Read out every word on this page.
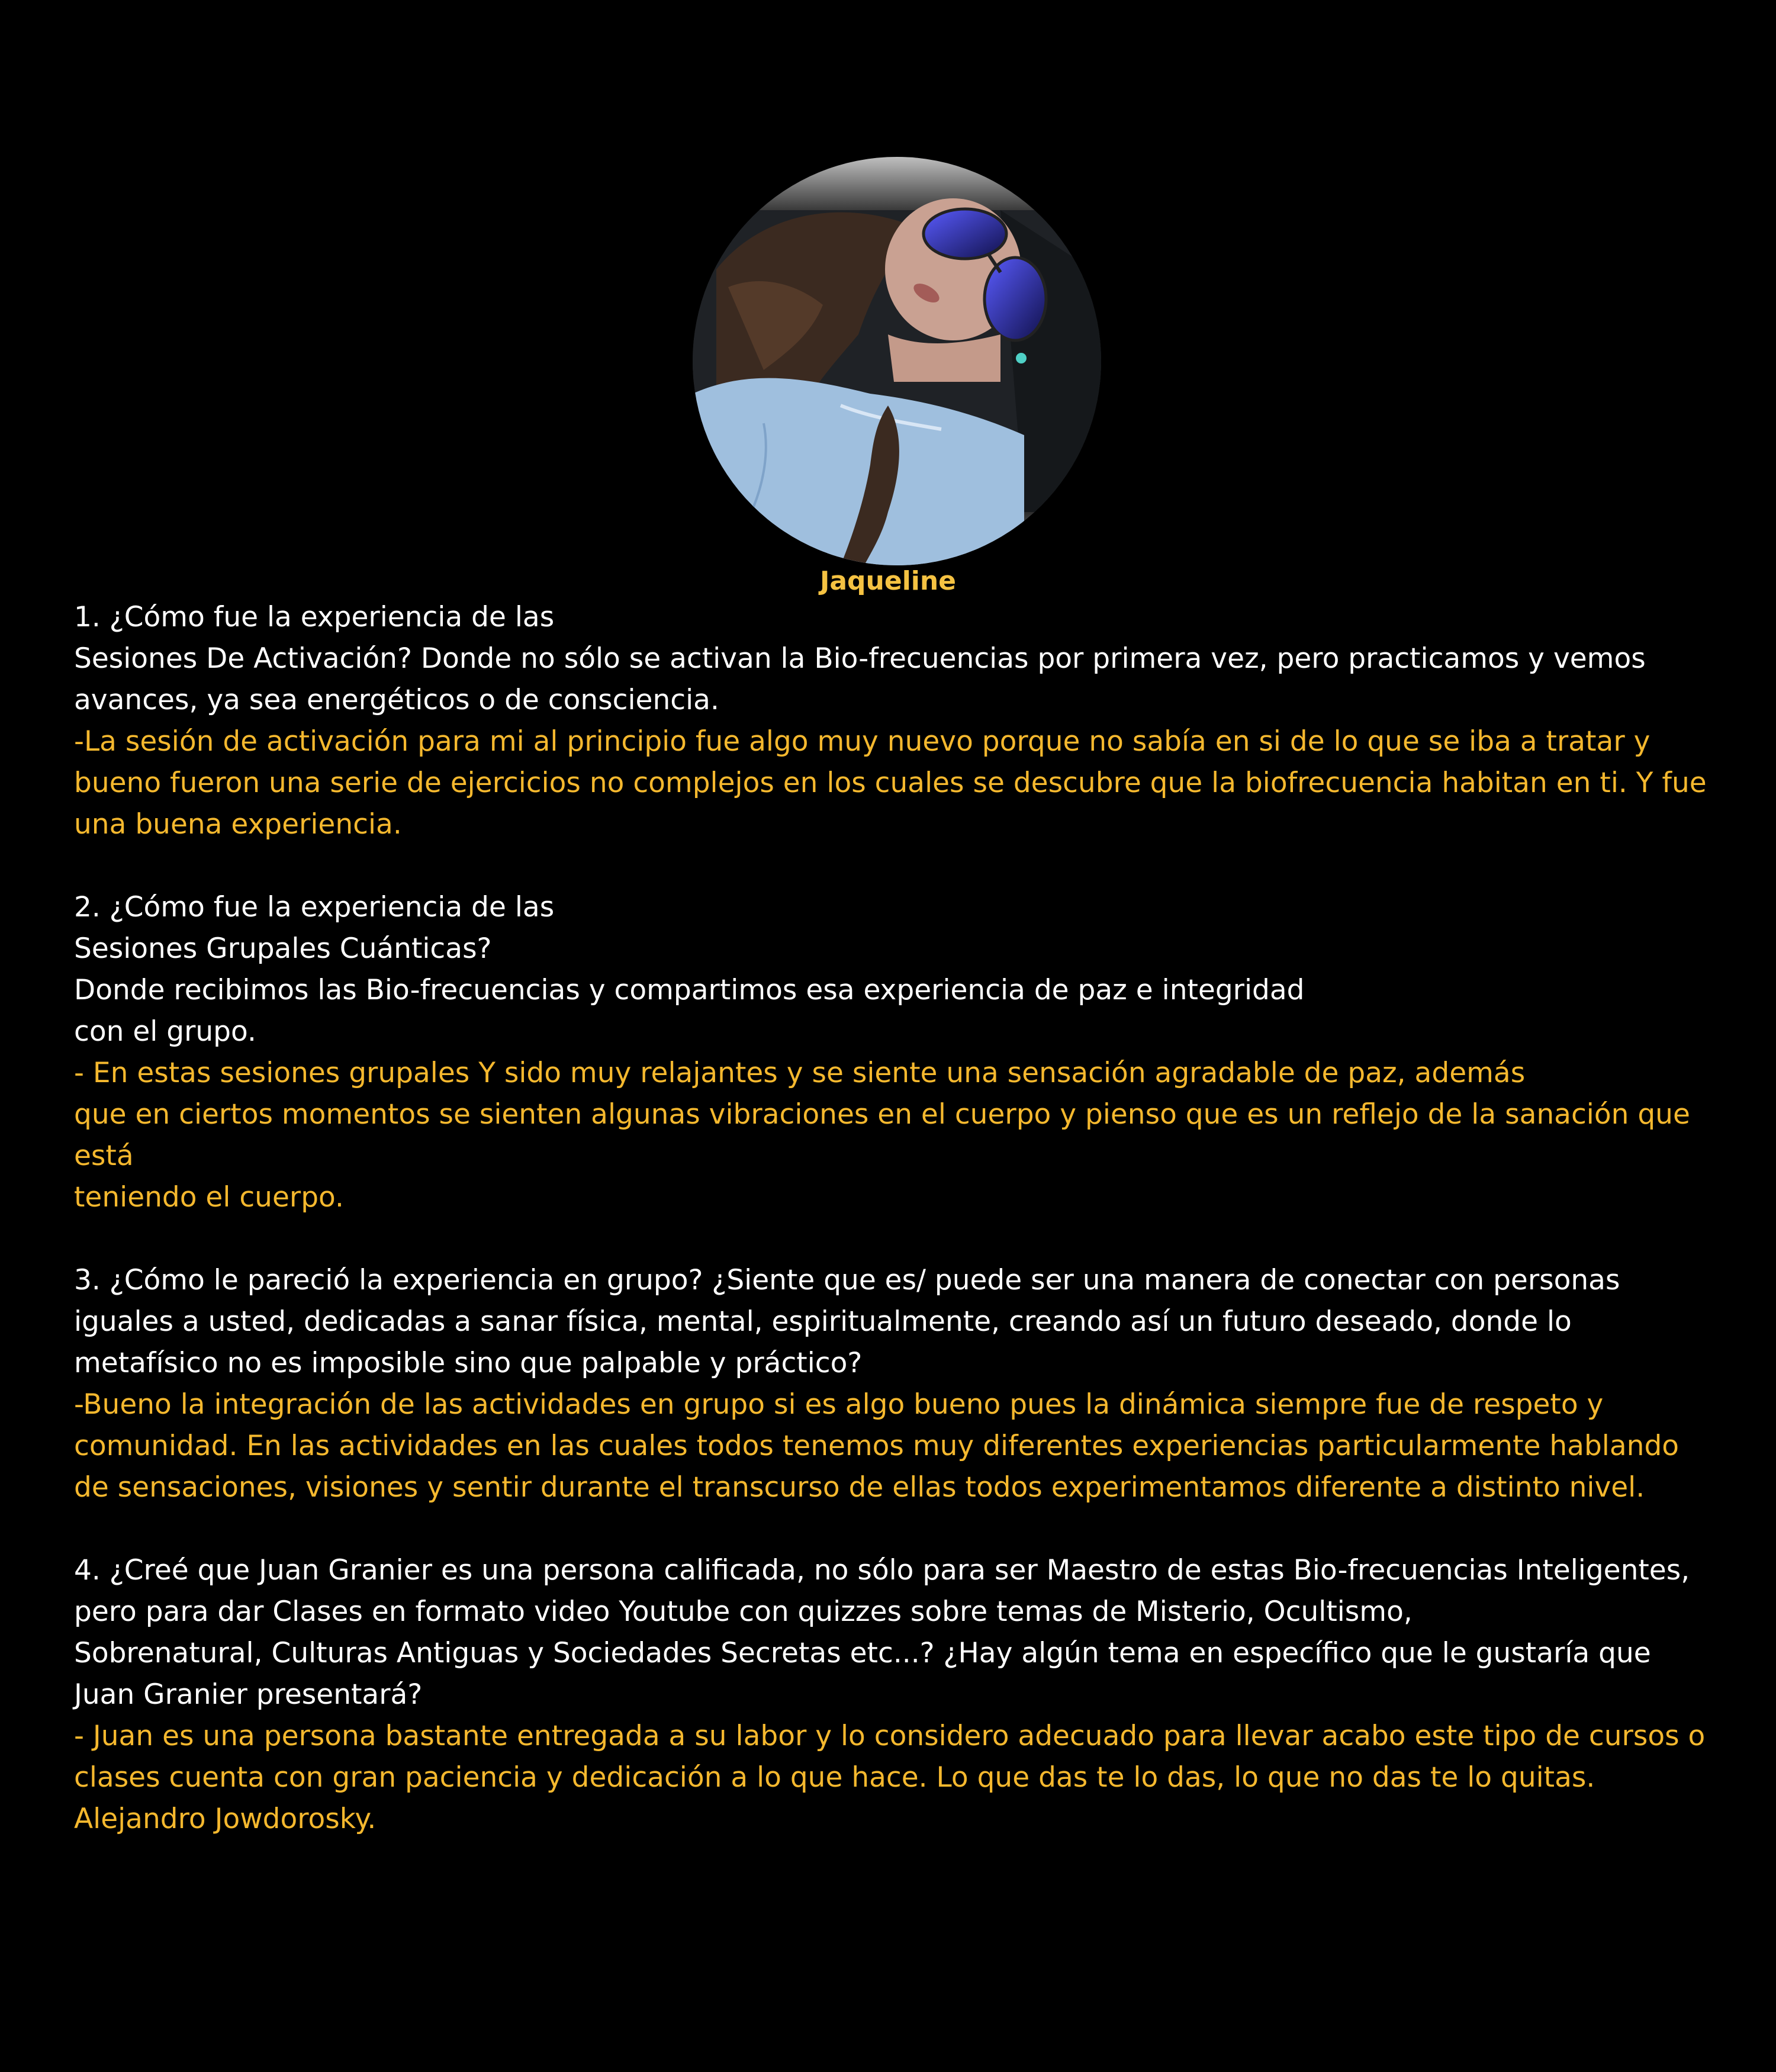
Jaqueline

1. ¿Cómo fue la experiencia de las

Sesiones De Activación? Donde no sólo se activan la Bio-frecuencias por primera vez, pero practicamos y vemos avances, ya sea energéticos o de consciencia.

-La sesión de activación para mi al principio fue algo muy nuevo porque no sabía en si de lo que se iba a tratar y bueno fueron una serie de ejercicios no complejos en los cuales se descubre que la biofrecuencia habitan en ti. Y fue una buena experiencia.

2. ¿Cómo fue la experiencia de las

Sesiones Grupales Cuánticas?

Donde recibimos las Bio-frecuencias y compartimos esa experiencia de paz e integridad

con el grupo.

- En estas sesiones grupales Y sido muy relajantes y se siente una sensación agradable de paz, además

que en ciertos momentos se sienten algunas vibraciones en el cuerpo y pienso que es un reflejo de la sanación que está

teniendo el cuerpo.

3. ¿Cómo le pareció la experiencia en grupo? ¿Siente que es/ puede ser una manera de conectar con personas iguales a usted, dedicadas a sanar física, mental, espiritualmente, creando así un futuro deseado, donde lo metafísico no es imposible sino que palpable y práctico?

-Bueno la integración de las actividades en grupo si es algo bueno pues la dinámica siempre fue de respeto y comunidad. En las actividades en las cuales todos tenemos muy diferentes experiencias particularmente hablando de sensaciones, visiones y sentir durante el transcurso de ellas todos experimentamos diferente a distinto nivel.

4. ¿Creé que Juan Granier es una persona calificada, no sólo para ser Maestro de estas Bio-frecuencias Inteligentes, pero para dar Clases en formato video Youtube con quizzes sobre temas de Misterio, Ocultismo,

Sobrenatural, Culturas Antiguas y Sociedades Secretas etc...? ¿Hay algún tema en específico que le gustaría que Juan Granier presentará?

- Juan es una persona bastante entregada a su labor y lo considero adecuado para llevar acabo este tipo de cursos o clases cuenta con gran paciencia y dedicación a lo que hace. Lo que das te lo das, lo que no das te lo quitas.

Alejandro Jowdorosky.
